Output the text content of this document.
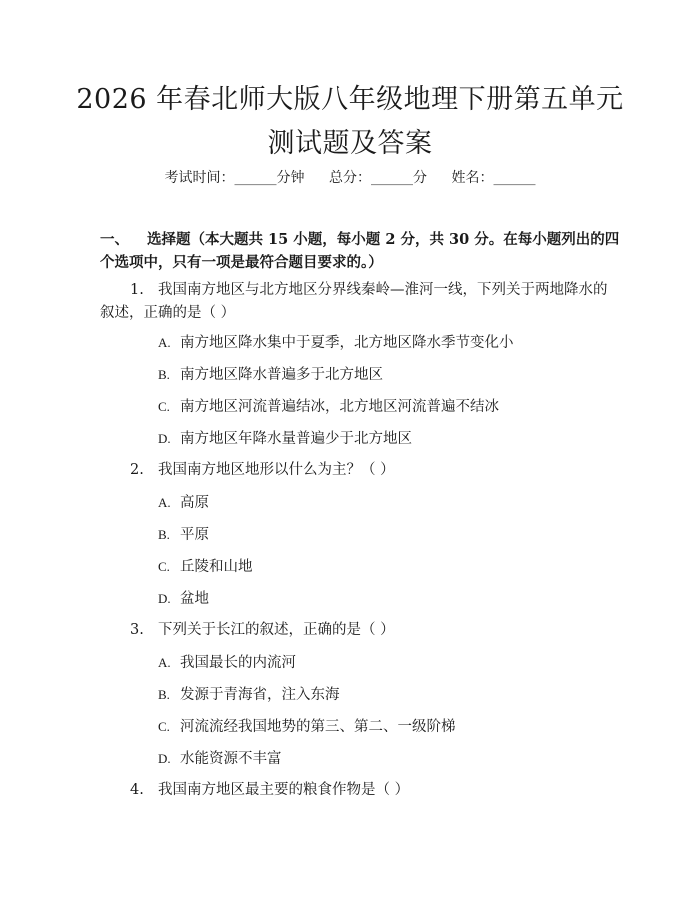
2026 年春北师大版八年级地理下册第五单元
测试题及答案
考试时间：______分钟 总分：______分 姓名：______
一、 选择题（本大题共 15 小题，每小题 2 分，共 30 分。在每小题列出的四个选项中，只有一项是最符合题目要求的。）
1. 我国南方地区与北方地区分界线秦岭—淮河一线，下列关于两地降水的叙述，正确的是（ ）
A. 南方地区降水集中于夏季，北方地区降水季节变化小
B. 南方地区降水普遍多于北方地区
C. 南方地区河流普遍结冰，北方地区河流普遍不结冰
D. 南方地区年降水量普遍少于北方地区
2. 我国南方地区地形以什么为主？（ ）
A. 高原
B. 平原
C. 丘陵和山地
D. 盆地
3. 下列关于长江的叙述，正确的是（ ）
A. 我国最长的内流河
B. 发源于青海省，注入东海
C. 河流流经我国地势的第三、第二、一级阶梯
D. 水能资源不丰富
4. 我国南方地区最主要的粮食作物是（ ）
